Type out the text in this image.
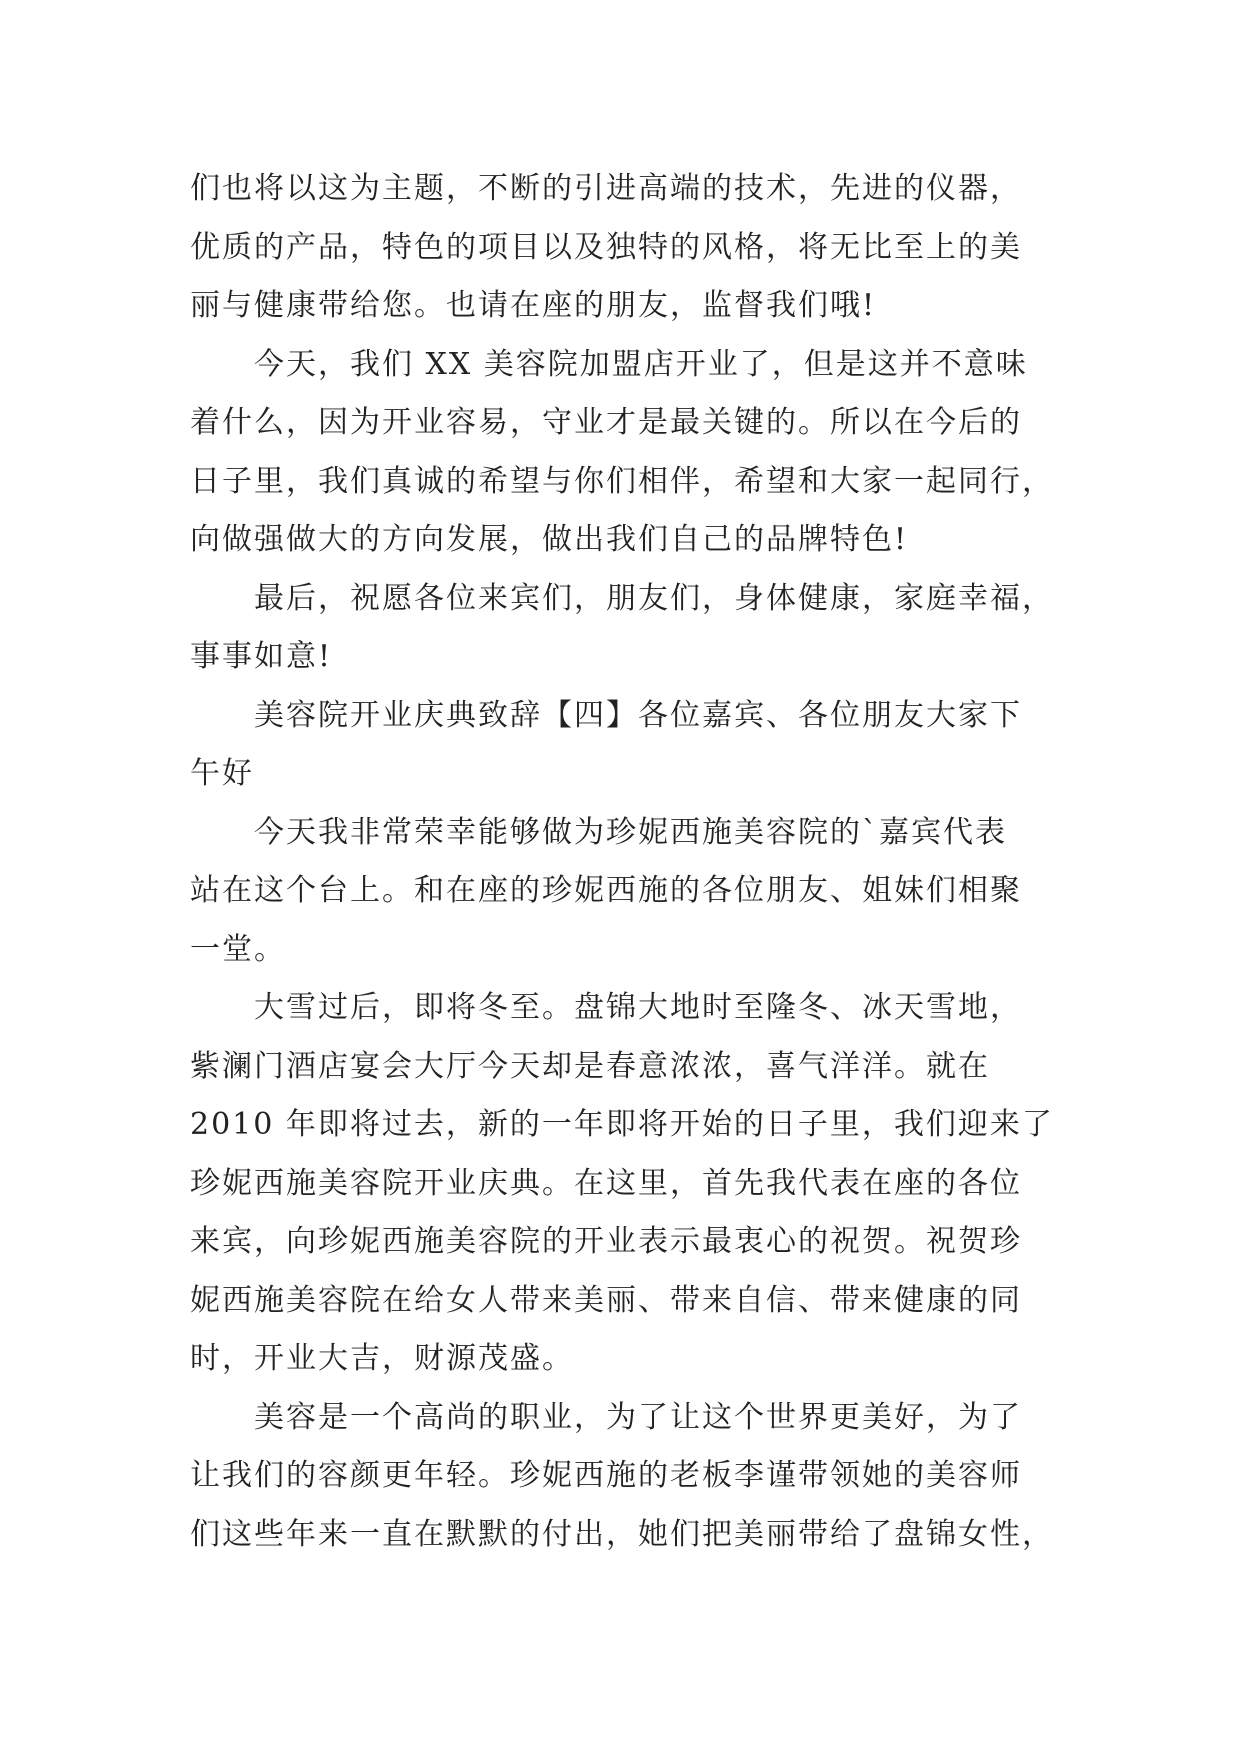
们也将以这为主题，不断的引进高端的技术，先进的仪器，
优质的产品，特色的项目以及独特的风格，将无比至上的美
丽与健康带给您。也请在座的朋友，监督我们哦!
今天，我们 XX 美容院加盟店开业了，但是这并不意味
着什么，因为开业容易，守业才是最关键的。所以在今后的
日子里，我们真诚的希望与你们相伴，希望和大家一起同行，
向做强做大的方向发展，做出我们自己的品牌特色!
最后，祝愿各位来宾们，朋友们，身体健康，家庭幸福，
事事如意!
美容院开业庆典致辞【四】各位嘉宾、各位朋友大家下
午好
今天我非常荣幸能够做为珍妮西施美容院的`嘉宾代表
站在这个台上。和在座的珍妮西施的各位朋友、姐妹们相聚
一堂。
大雪过后，即将冬至。盘锦大地时至隆冬、冰天雪地，
紫澜门酒店宴会大厅今天却是春意浓浓，喜气洋洋。就在
2010 年即将过去，新的一年即将开始的日子里，我们迎来了
珍妮西施美容院开业庆典。在这里，首先我代表在座的各位
来宾，向珍妮西施美容院的开业表示最衷心的祝贺。祝贺珍
妮西施美容院在给女人带来美丽、带来自信、带来健康的同
时，开业大吉，财源茂盛。
美容是一个高尚的职业，为了让这个世界更美好，为了
让我们的容颜更年轻。珍妮西施的老板李谨带领她的美容师
们这些年来一直在默默的付出，她们把美丽带给了盘锦女性，
